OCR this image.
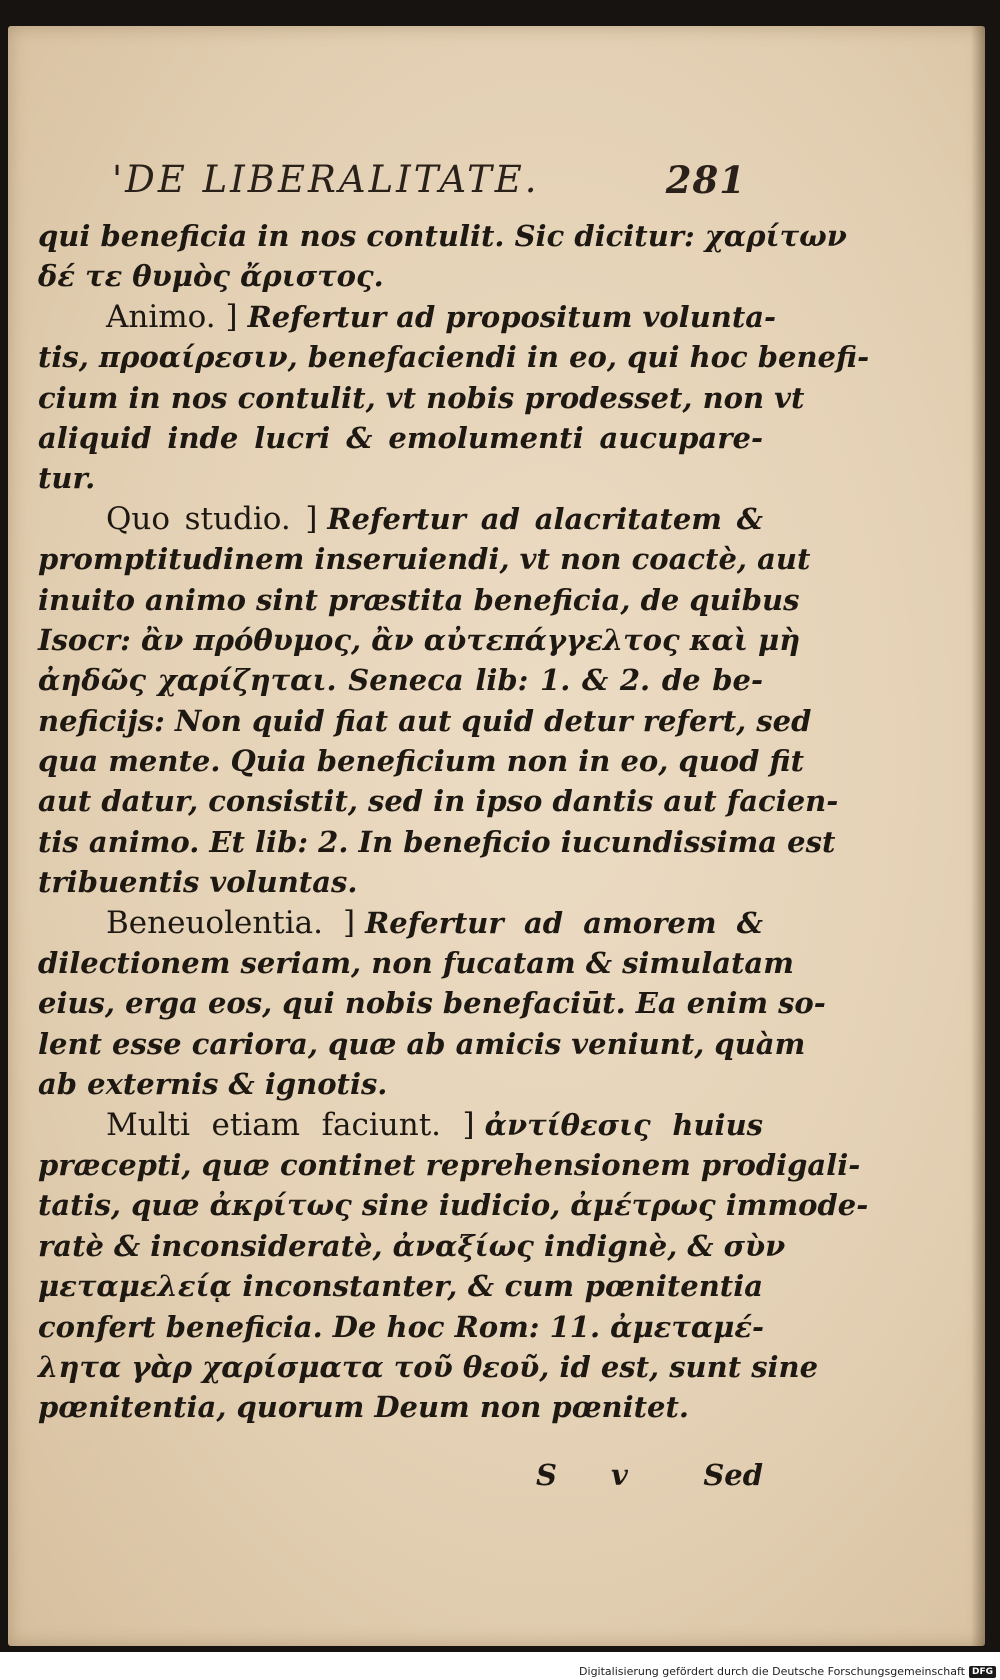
'DE LIBERALITATE.	281
qui beneficia in nos contulit. Sic dicitur: χαρίτων
δέ τε θυμὸς ἄριστος.
Animo. ] Refertur ad propositum volunta-
tis, προαίρεσιν, benefaciendi in eo, qui hoc benefi-
cium in nos contulit, vt nobis prodesset, non vt
aliquid inde lucri & emolumenti aucupare-
tur.
Quo studio. ] Refertur ad alacritatem &
promptitudinem inseruiendi, vt non coactè, aut
inuito animo sint præstita beneficia, de quibus
Isocr: ἂν πρόθυμος, ἂν αὐτεπάγγελτος καὶ μὴ
ἀηδῶς χαρίζηται. Seneca lib: 1. & 2. de be-
neficijs: Non quid fiat aut quid detur refert, sed
qua mente. Quia beneficium non in eo, quod fit
aut datur, consistit, sed in ipso dantis aut facien-
tis animo. Et lib: 2. In beneficio iucundissima est
tribuentis voluntas.
Beneuolentia. ] Refertur ad amorem &
dilectionem seriam, non fucatam & simulatam
eius, erga eos, qui nobis benefaciūt. Ea enim so-
lent esse cariora, quæ ab amicis veniunt, quàm
ab externis & ignotis.
Multi etiam faciunt. ] ἀντίθεσις huius
præcepti, quæ continet reprehensionem prodigali-
tatis, quæ ἀκρίτως sine iudicio, ἀμέτρως immode-
ratè & inconsideratè, ἀναξίως indignè, & σὺν
μεταμελείᾳ inconstanter, & cum pœnitentia
confert beneficia. De hoc Rom: 11. ἀμεταμέ-
λητα γὰρ χαρίσματα τοῦ θεοῦ, id est, sunt sine
pœnitentia, quorum Deum non pœnitet.
S v Sed
Digitalisierung gefördert durch die Deutsche Forschungsgemeinschaft DFG
